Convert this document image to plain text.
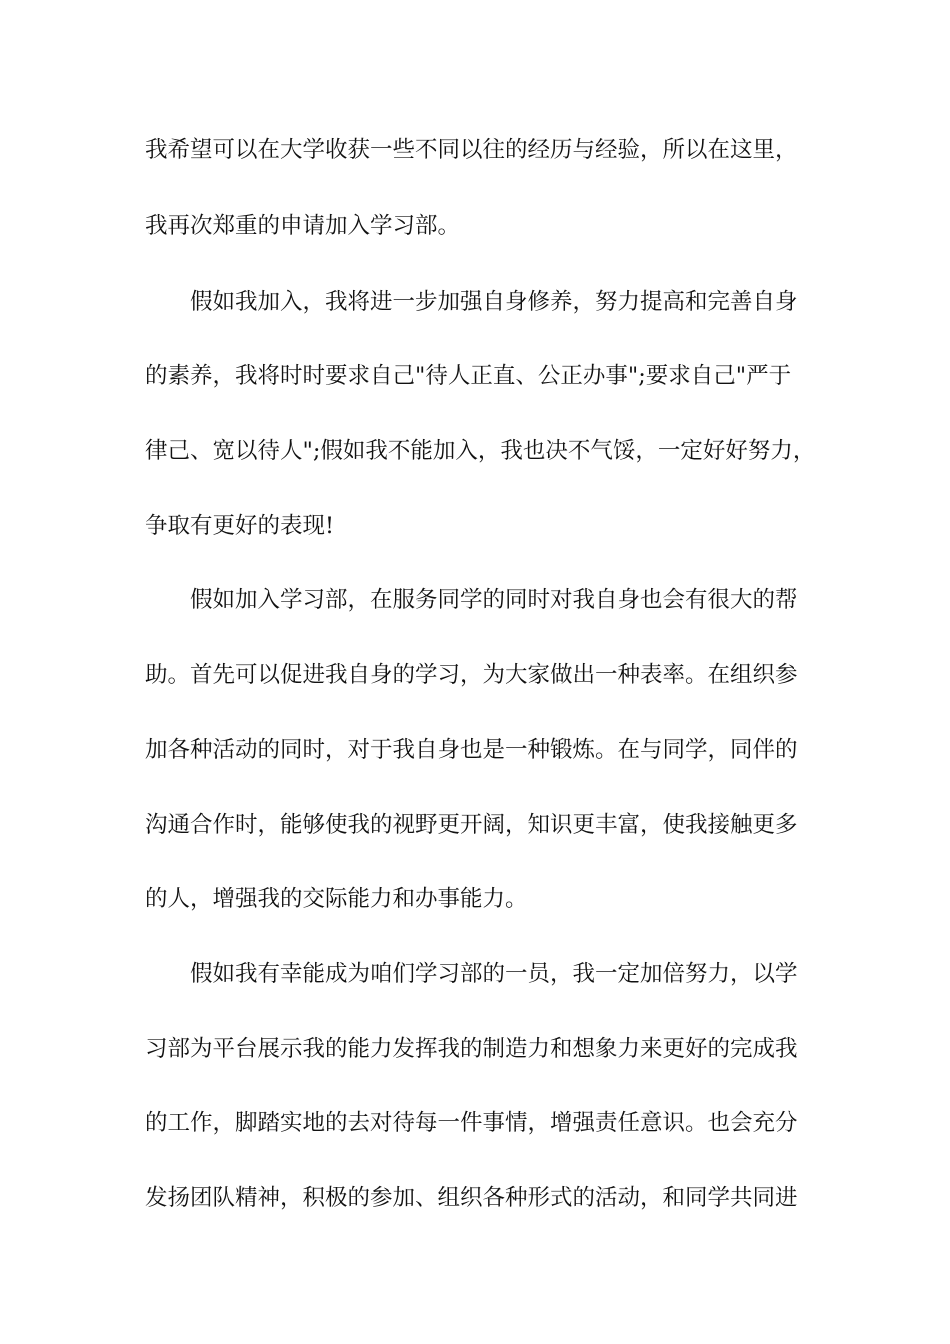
我希望可以在大学收获一些不同以往的经历与经验，所以在这里，
我再次郑重的申请加入学习部。
假如我加入，我将进一步加强自身修养，努力提高和完善自身
的素养，我将时时要求自己"待人正直、公正办事";要求自己"严于
律己、宽以待人";假如我不能加入，我也决不气馁，一定好好努力，
争取有更好的表现!
假如加入学习部，在服务同学的同时对我自身也会有很大的帮
助。首先可以促进我自身的学习，为大家做出一种表率。在组织参
加各种活动的同时，对于我自身也是一种锻炼。在与同学，同伴的
沟通合作时，能够使我的视野更开阔，知识更丰富，使我接触更多
的人，增强我的交际能力和办事能力。
假如我有幸能成为咱们学习部的一员，我一定加倍努力，以学
习部为平台展示我的能力发挥我的制造力和想象力来更好的完成我
的工作，脚踏实地的去对待每一件事情，增强责任意识。也会充分
发扬团队精神，积极的参加、组织各种形式的活动，和同学共同进
